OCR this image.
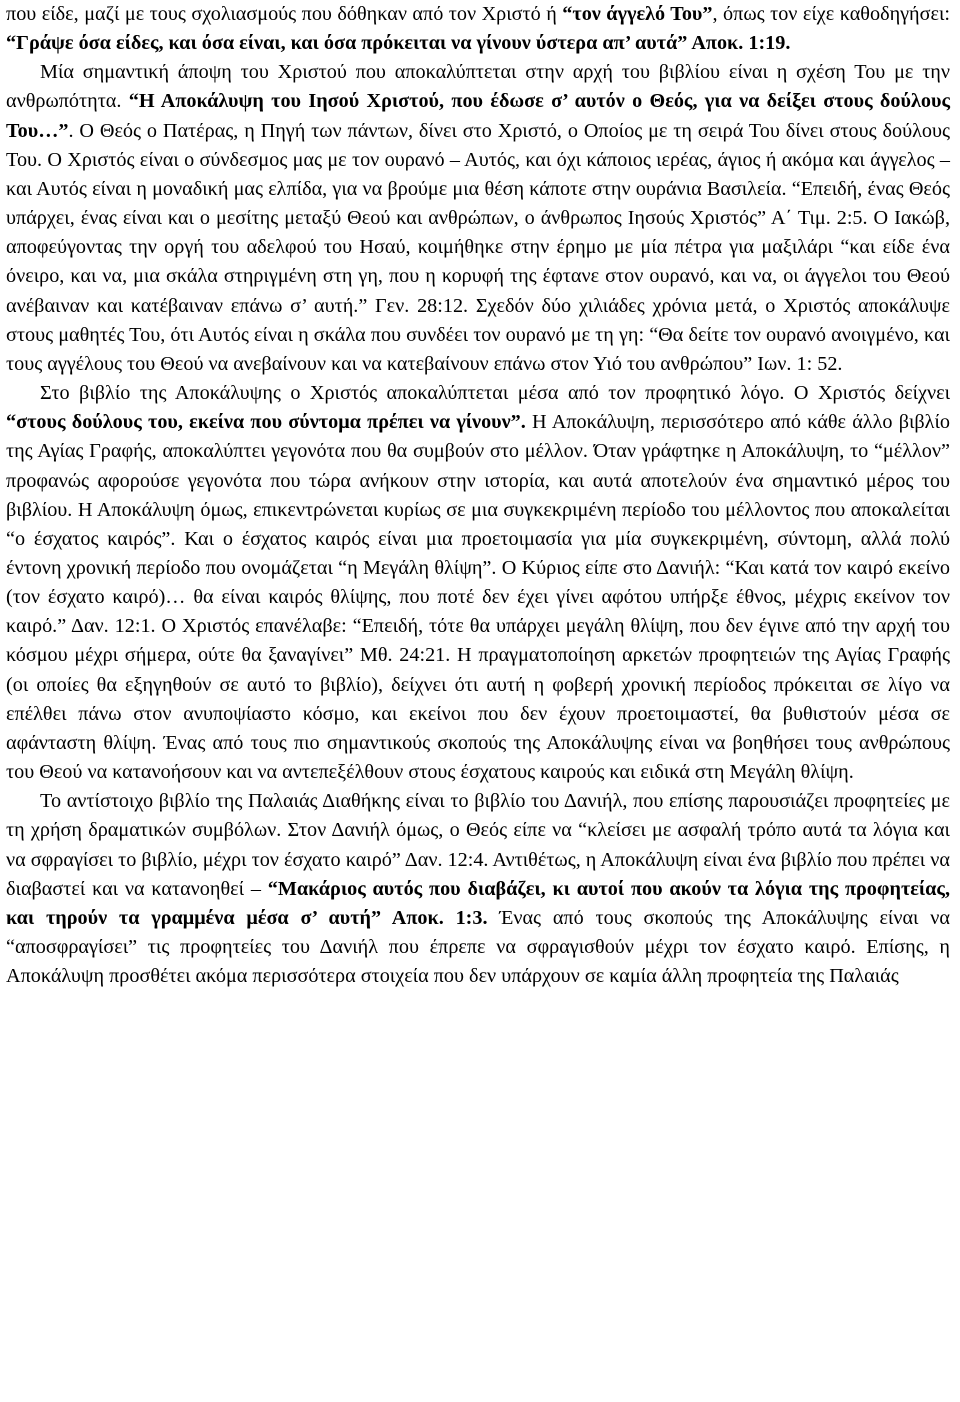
που είδε, μαζί με τους σχολιασμούς που δόθηκαν από τον Χριστό ή “τον άγγελό Του”, όπως τον είχε καθοδηγήσει: “Γράψε όσα είδες, και όσα είναι, και όσα πρόκειται να γίνουν ύστερα απ’ αυτά” Αποκ. 1:19.

Μία σημαντική άποψη του Χριστού που αποκαλύπτεται στην αρχή του βιβλίου είναι η σχέση Του με την ανθρωπότητα. “Η Αποκάλυψη του Ιησού Χριστού, που έδωσε σ’ αυτόν ο Θεός, για να δείξει στους δούλους Του…”. Ο Θεός ο Πατέρας, η Πηγή των πάντων, δίνει στο Χριστό, ο Οποίος με τη σειρά Του δίνει στους δούλους Του. Ο Χριστός είναι ο σύνδεσμος μας με τον ουρανό – Αυτός, και όχι κάποιος ιερέας, άγιος ή ακόμα και άγγελος – και Αυτός είναι η μοναδική μας ελπίδα, για να βρούμε μια θέση κάποτε στην ουράνια Βασιλεία. “Επειδή, ένας Θεός υπάρχει, ένας είναι και ο μεσίτης μεταξύ Θεού και ανθρώπων, ο άνθρωπος Ιησούς Χριστός” Α΄ Τιμ. 2:5. Ο Ιακώβ, αποφεύγοντας την οργή του αδελφού του Ησαύ, κοιμήθηκε στην έρημο με μία πέτρα για μαξιλάρι “και είδε ένα όνειρο, και να, μια σκάλα στηριγμένη στη γη, που η κορυφή της έφτανε στον ουρανό, και να, οι άγγελοι του Θεού ανέβαιναν και κατέβαιναν επάνω σ’ αυτή.” Γεν. 28:12. Σχεδόν δύο χιλιάδες χρόνια μετά, ο Χριστός αποκάλυψε στους μαθητές Του, ότι Αυτός είναι η σκάλα που συνδέει τον ουρανό με τη γη: “Θα δείτε τον ουρανό ανοιγμένο, και τους αγγέλους του Θεού να ανεβαίνουν και να κατεβαίνουν επάνω στον Υιό του ανθρώπου” Ιων. 1: 52.

Στο βιβλίο της Αποκάλυψης ο Χριστός αποκαλύπτεται μέσα από τον προφητικό λόγο. Ο Χριστός δείχνει “στους δούλους του, εκείνα που σύντομα πρέπει να γίνουν”. Η Αποκάλυψη, περισσότερο από κάθε άλλο βιβλίο της Αγίας Γραφής, αποκαλύπτει γεγονότα που θα συμβούν στο μέλλον. Όταν γράφτηκε η Αποκάλυψη, το “μέλλον” προφανώς αφορούσε γεγονότα που τώρα ανήκουν στην ιστορία, και αυτά αποτελούν ένα σημαντικό μέρος του βιβλίου. Η Αποκάλυψη όμως, επικεντρώνεται κυρίως σε μια συγκεκριμένη περίοδο του μέλλοντος που αποκαλείται “ο έσχατος καιρός”. Και ο έσχατος καιρός είναι μια προετοιμασία για μία συγκεκριμένη, σύντομη, αλλά πολύ έντονη χρονική περίοδο που ονομάζεται “η Μεγάλη θλίψη”. Ο Κύριος είπε στο Δανιήλ: “Και κατά τον καιρό εκείνο (τον έσχατο καιρό)… θα είναι καιρός θλίψης, που ποτέ δεν έχει γίνει αφότου υπήρξε έθνος, μέχρις εκείνον τον καιρό.” Δαν. 12:1. Ο Χριστός επανέλαβε: “Επειδή, τότε θα υπάρχει μεγάλη θλίψη, που δεν έγινε από την αρχή του κόσμου μέχρι σήμερα, ούτε θα ξαναγίνει” Μθ. 24:21. Η πραγματοποίηση αρκετών προφητειών της Αγίας Γραφής (οι οποίες θα εξηγηθούν σε αυτό το βιβλίο), δείχνει ότι αυτή η φοβερή χρονική περίοδος πρόκειται σε λίγο να επέλθει πάνω στον ανυποψίαστο κόσμο, και εκείνοι που δεν έχουν προετοιμαστεί, θα βυθιστούν μέσα σε αφάνταστη θλίψη. Ένας από τους πιο σημαντικούς σκοπούς της Αποκάλυψης είναι να βοηθήσει τους ανθρώπους του Θεού να κατανοήσουν και να αντεπεξέλθουν στους έσχατους καιρούς και ειδικά στη Μεγάλη θλίψη.

Το αντίστοιχο βιβλίο της Παλαιάς Διαθήκης είναι το βιβλίο του Δανιήλ, που επίσης παρουσιάζει προφητείες με τη χρήση δραματικών συμβόλων. Στον Δανιήλ όμως, ο Θεός είπε να “κλείσει με ασφαλή τρόπο αυτά τα λόγια και να σφραγίσει το βιβλίο, μέχρι τον έσχατο καιρό” Δαν. 12:4. Αντιθέτως, η Αποκάλυψη είναι ένα βιβλίο που πρέπει να διαβαστεί και να κατανοηθεί – “Μακάριος αυτός που διαβάζει, κι αυτοί που ακούν τα λόγια της προφητείας, και τηρούν τα γραμμένα μέσα σ’ αυτή” Αποκ. 1:3. Ένας από τους σκοπούς της Αποκάλυψης είναι να “αποσφραγίσει” τις προφητείες του Δανιήλ που έπρεπε να σφραγισθούν μέχρι τον έσχατο καιρό. Επίσης, η Αποκάλυψη προσθέτει ακόμα περισσότερα στοιχεία που δεν υπάρχουν σε καμία άλλη προφητεία της Παλαιάς
